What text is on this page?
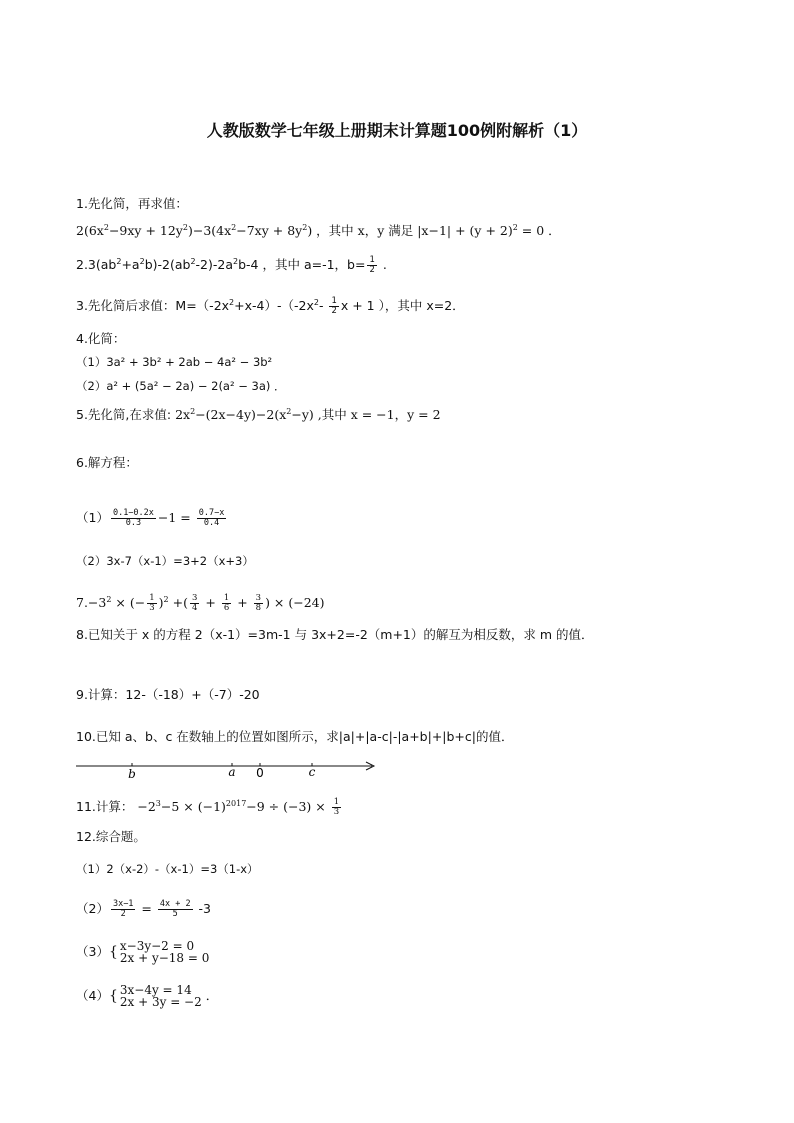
人教版数学七年级上册期末计算题100例附解析（1）
1.先化简，再求值：
$2(6x^2-9xy + 12y^2)-3(4x^2-7xy + 8y^2)$ ，其中 x，y 满足 $|x-1| + (y + 2)^2 = 0$ ．
$2.3(ab^2+a^2b)-2(ab^2-2)-2a^2b-4$ ，其中 a=-1，$b= \frac{1}{2}$ .
3.先化简后求值：$M=(-2x^2+x-4)-(-2x^2- \frac{1}{2}$ x + 1 ），其中 x=2．
4.化简：
（1）3a² + 3b² + 2ab − 4a² − 3b²
（2）a² + (5a² − 2a) − 2(a² − 3a) ．
5.先化简,在求值: $2x^2-(2x-4y)-2(x^2-y)$ ,其中 x = −1，y = 2
6.解方程：
$(1) \frac{0.1-0.2x}{0.3} -1 = \frac{0.7-x}{0.4}$
（2）3x-7（x-1）=3+2（x+3）
$7.-3^2$ × (− $\frac{1}{3} )^2$ +( $\frac{3}{4} + \frac{1}{6} + \frac{3}{8}$ ) × (−24)
8.已知关于 x 的方程 2（x-1）=3m-1 与 3x+2=-2（m+1）的解互为相反数，求 m 的值．
9.计算：12-（-18）+（-7）-20
10.已知 a、b、c 在数轴上的位置如图所示，求|a|+|a-c|-|a+b|+|b+c|的值．
b	a 0	c
11.计算： $-2^3-5 \times (-1)^{2017}-9 \div (-3) \times \frac{1}{3}$
12.综合题。
（1）2（x-2）-（x-1）=3（1-x）
$(2) \frac{3x-1}{2} = \frac{4x + 2}{5} -3$
（3）{ x−3y−2 = 0
2x + y−18 = 0
（4）{ 3x−4y = 14
2x + 3y = −2 ．
